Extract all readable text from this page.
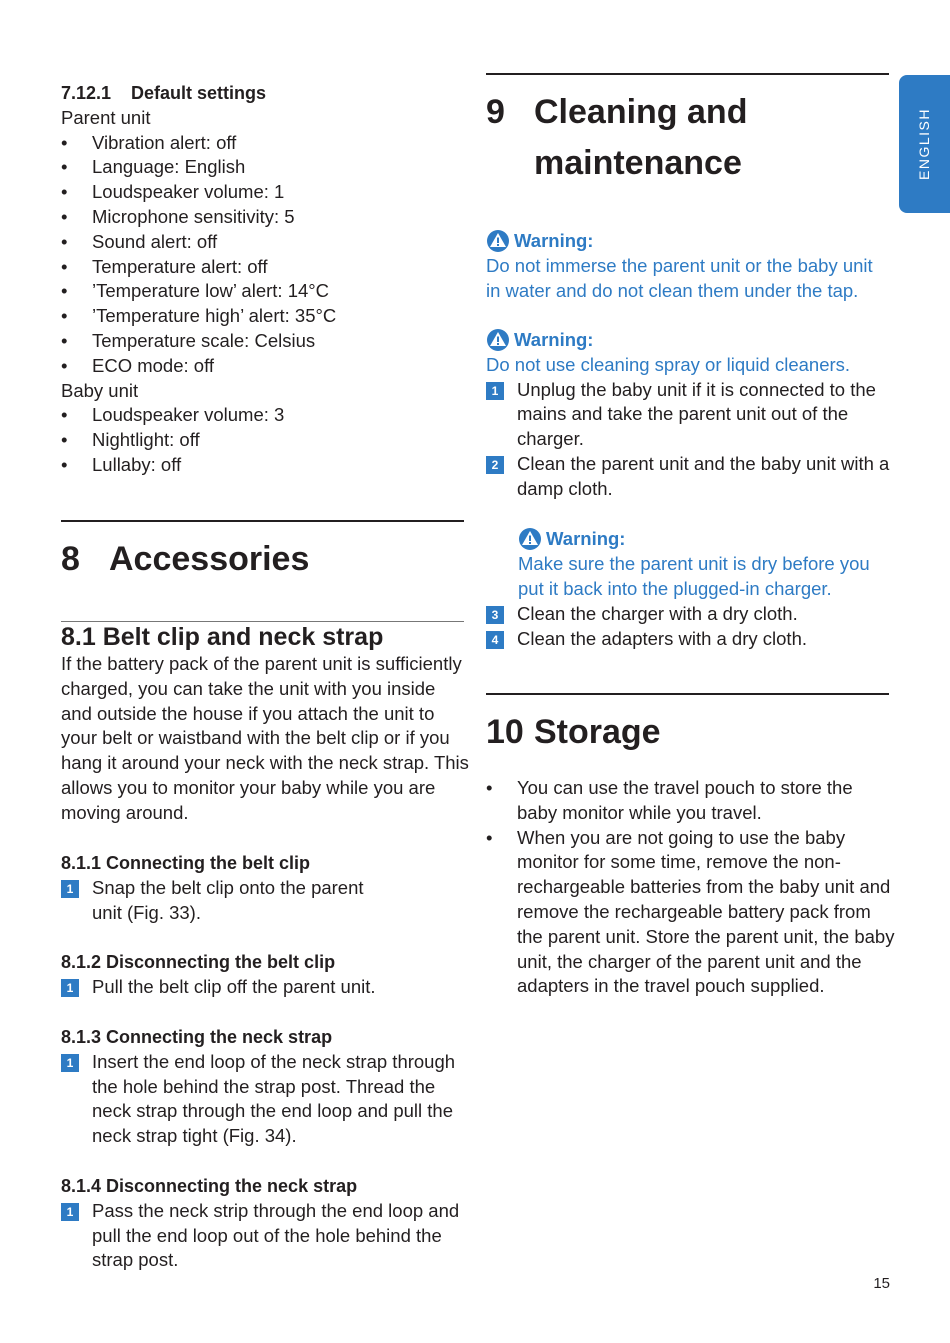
7.12.1 Default settings
Parent unit
• Vibration alert: off
• Language: English
• Loudspeaker volume: 1
• Microphone sensitivity: 5
• Sound alert: off
• Temperature alert: off
• ’Temperature low’ alert: 14°C
• ’Temperature high’ alert: 35°C
• Temperature scale: Celsius
• ECO mode: off
Baby unit
• Loudspeaker volume: 3
• Nightlight: off
• Lullaby: off
8 Accessories
8.1 Belt clip and neck strap
If the battery pack of the parent unit is sufficiently
charged, you can take the unit with you inside
and outside the house if you attach the unit to
your belt or waistband with the belt clip or if you
hang it around your neck with the neck strap. This
allows you to monitor your baby while you are
moving around.
8.1.1 Connecting the belt clip
1	Snap the belt clip onto the parent
unit (Fig. 33).
8.1.2 Disconnecting the belt clip
1	Pull the belt clip off the parent unit.
8.1.3 Connecting the neck strap
1	Insert the end loop of the neck strap through
the hole behind the strap post. Thread the
neck strap through the end loop and pull the
neck strap tight (Fig. 34).
8.1.4 Disconnecting the neck strap
1	Pass the neck strip through the end loop and
pull the end loop out of the hole behind the
strap post.
9 Cleaning and
maintenance
Warning:
Do not immerse the parent unit or the baby unit
in water and do not clean them under the tap.
Warning:
Do not use cleaning spray or liquid cleaners.
1	Unplug the baby unit if it is connected to the
mains and take the parent unit out of the
charger.
2	Clean the parent unit and the baby unit with a
damp cloth.
Warning:
Make sure the parent unit is dry before you
put it back into the plugged-in charger.
3	Clean the charger with a dry cloth.
4	Clean the adapters with a dry cloth.
10 Storage
• You can use the travel pouch to store the
baby monitor while you travel.
• When you are not going to use the baby
monitor for some time, remove the non-
rechargeable batteries from the baby unit and
remove the rechargeable battery pack from
the parent unit. Store the parent unit, the baby
unit, the charger of the parent unit and the
adapters in the travel pouch supplied.
ENGLISH
15
